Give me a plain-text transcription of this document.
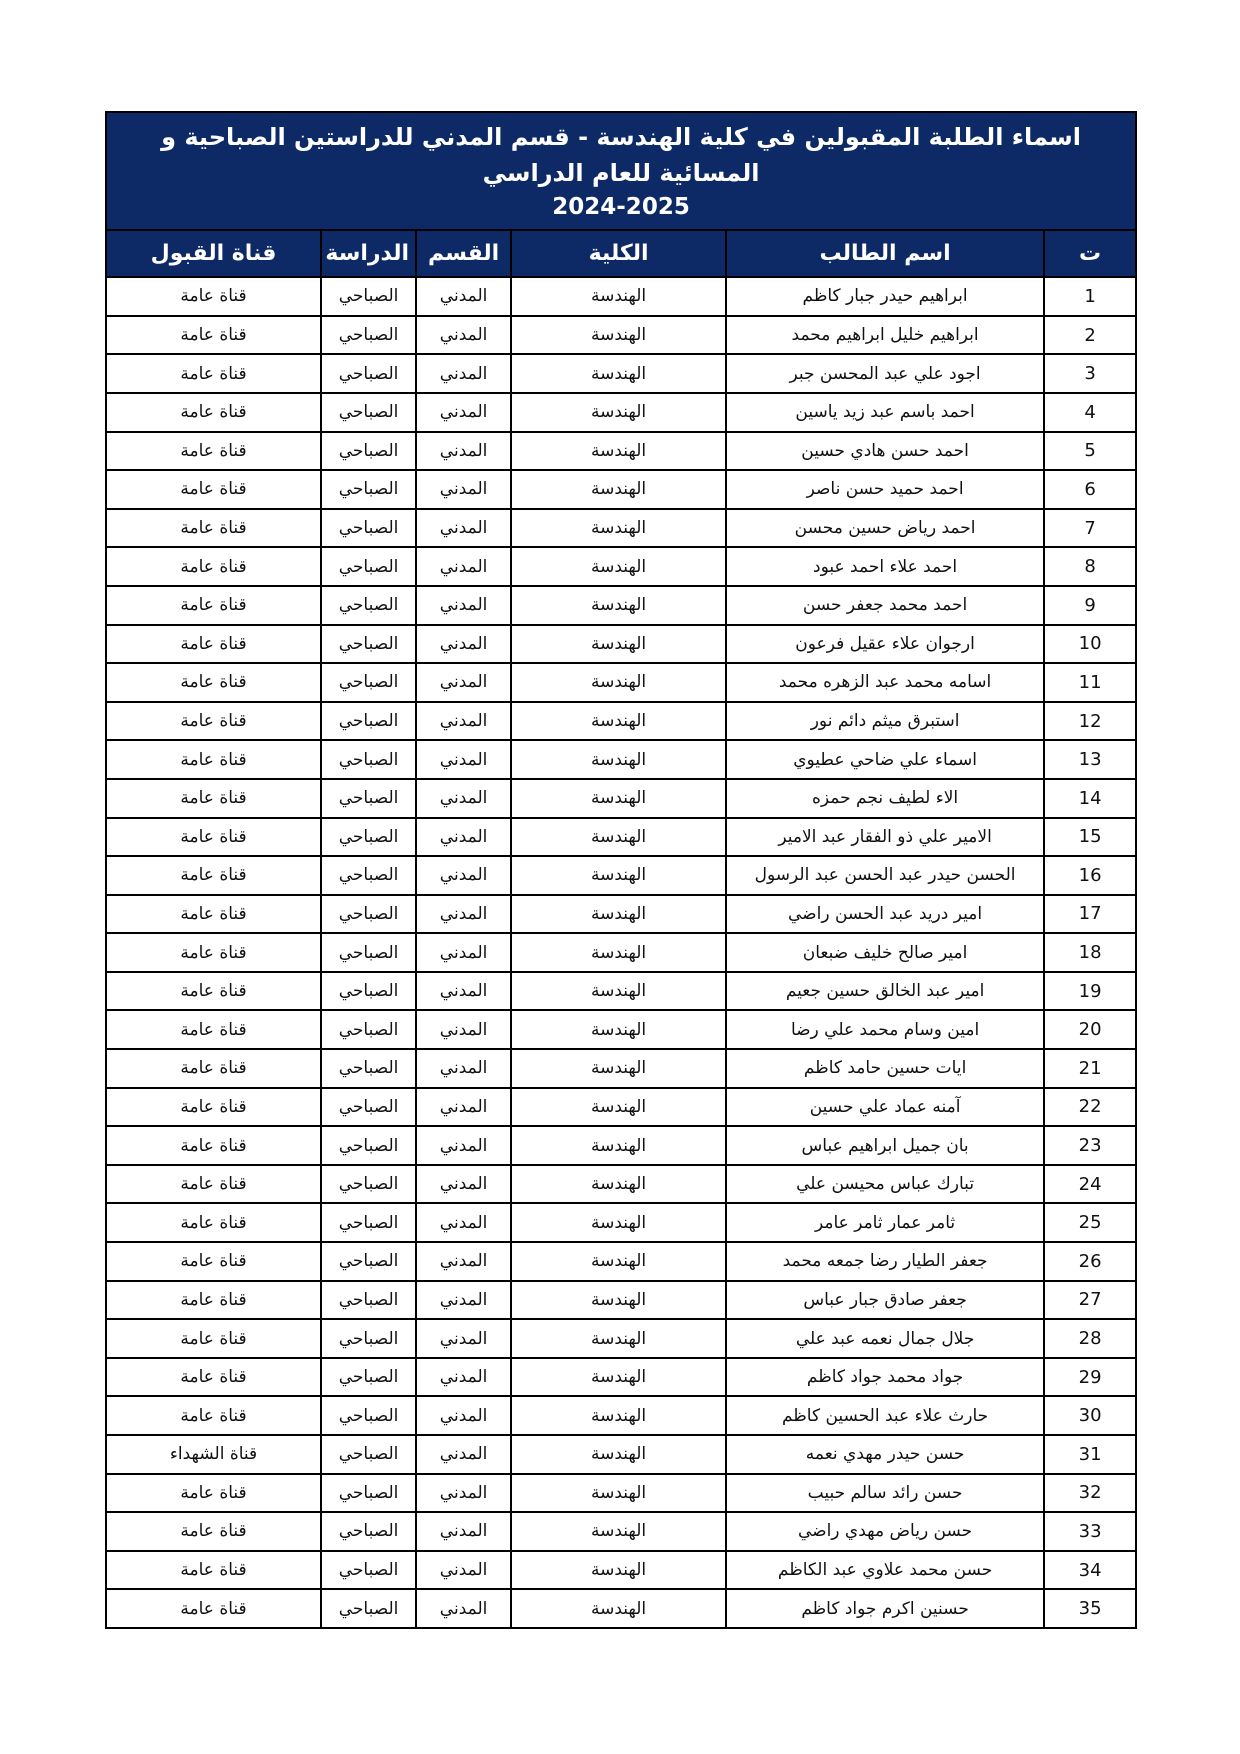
اسماء الطلبة المقبولين في كلية الهندسة - قسم المدني للدراستين الصباحية و المسائية للعام الدراسي
2024-2025					

ت	اسم الطالب	الكلية	القسم	الدراسة	قناة القبول
1	ابراهيم حيدر جبار كاظم	الهندسة	المدني	الصباحي	قناة عامة
2	ابراهيم خليل ابراهيم محمد	الهندسة	المدني	الصباحي	قناة عامة
3	اجود علي عبد المحسن جبر	الهندسة	المدني	الصباحي	قناة عامة
4	احمد باسم عبد زيد ياسين	الهندسة	المدني	الصباحي	قناة عامة
5	احمد حسن هادي حسين	الهندسة	المدني	الصباحي	قناة عامة
6	احمد حميد حسن ناصر	الهندسة	المدني	الصباحي	قناة عامة
7	احمد رياض حسين محسن	الهندسة	المدني	الصباحي	قناة عامة
8	احمد علاء احمد عبود	الهندسة	المدني	الصباحي	قناة عامة
9	احمد محمد جعفر حسن	الهندسة	المدني	الصباحي	قناة عامة
10	ارجوان علاء عقيل فرعون	الهندسة	المدني	الصباحي	قناة عامة
11	اسامه محمد عبد الزهره محمد	الهندسة	المدني	الصباحي	قناة عامة
12	استبرق ميثم دائم نور	الهندسة	المدني	الصباحي	قناة عامة
13	اسماء علي ضاحي عطيوي	الهندسة	المدني	الصباحي	قناة عامة
14	الاء لطيف نجم حمزه	الهندسة	المدني	الصباحي	قناة عامة
15	الامير علي ذو الفقار عبد الامير	الهندسة	المدني	الصباحي	قناة عامة
16	الحسن حيدر عبد الحسن عبد الرسول	الهندسة	المدني	الصباحي	قناة عامة
17	امير دريد عبد الحسن راضي	الهندسة	المدني	الصباحي	قناة عامة
18	امير صالح خليف ضبعان	الهندسة	المدني	الصباحي	قناة عامة
19	امير عبد الخالق حسين جعيم	الهندسة	المدني	الصباحي	قناة عامة
20	امين وسام محمد علي رضا	الهندسة	المدني	الصباحي	قناة عامة
21	ايات حسين حامد كاظم	الهندسة	المدني	الصباحي	قناة عامة
22	آمنه عماد علي حسين	الهندسة	المدني	الصباحي	قناة عامة
23	بان جميل ابراهيم عباس	الهندسة	المدني	الصباحي	قناة عامة
24	تبارك عباس محيسن علي	الهندسة	المدني	الصباحي	قناة عامة
25	ثامر عمار ثامر عامر	الهندسة	المدني	الصباحي	قناة عامة
26	جعفر الطيار رضا جمعه محمد	الهندسة	المدني	الصباحي	قناة عامة
27	جعفر صادق جبار عباس	الهندسة	المدني	الصباحي	قناة عامة
28	جلال جمال نعمه عبد علي	الهندسة	المدني	الصباحي	قناة عامة
29	جواد محمد جواد كاظم	الهندسة	المدني	الصباحي	قناة عامة
30	حارث علاء عبد الحسين كاظم	الهندسة	المدني	الصباحي	قناة عامة
31	حسن حيدر مهدي نعمه	الهندسة	المدني	الصباحي	قناة الشهداء
32	حسن رائد سالم حبيب	الهندسة	المدني	الصباحي	قناة عامة
33	حسن رياض مهدي راضي	الهندسة	المدني	الصباحي	قناة عامة
34	حسن محمد علاوي عبد الكاظم	الهندسة	المدني	الصباحي	قناة عامة
35	حسنين اكرم جواد كاظم	الهندسة	المدني	الصباحي	قناة عامة
